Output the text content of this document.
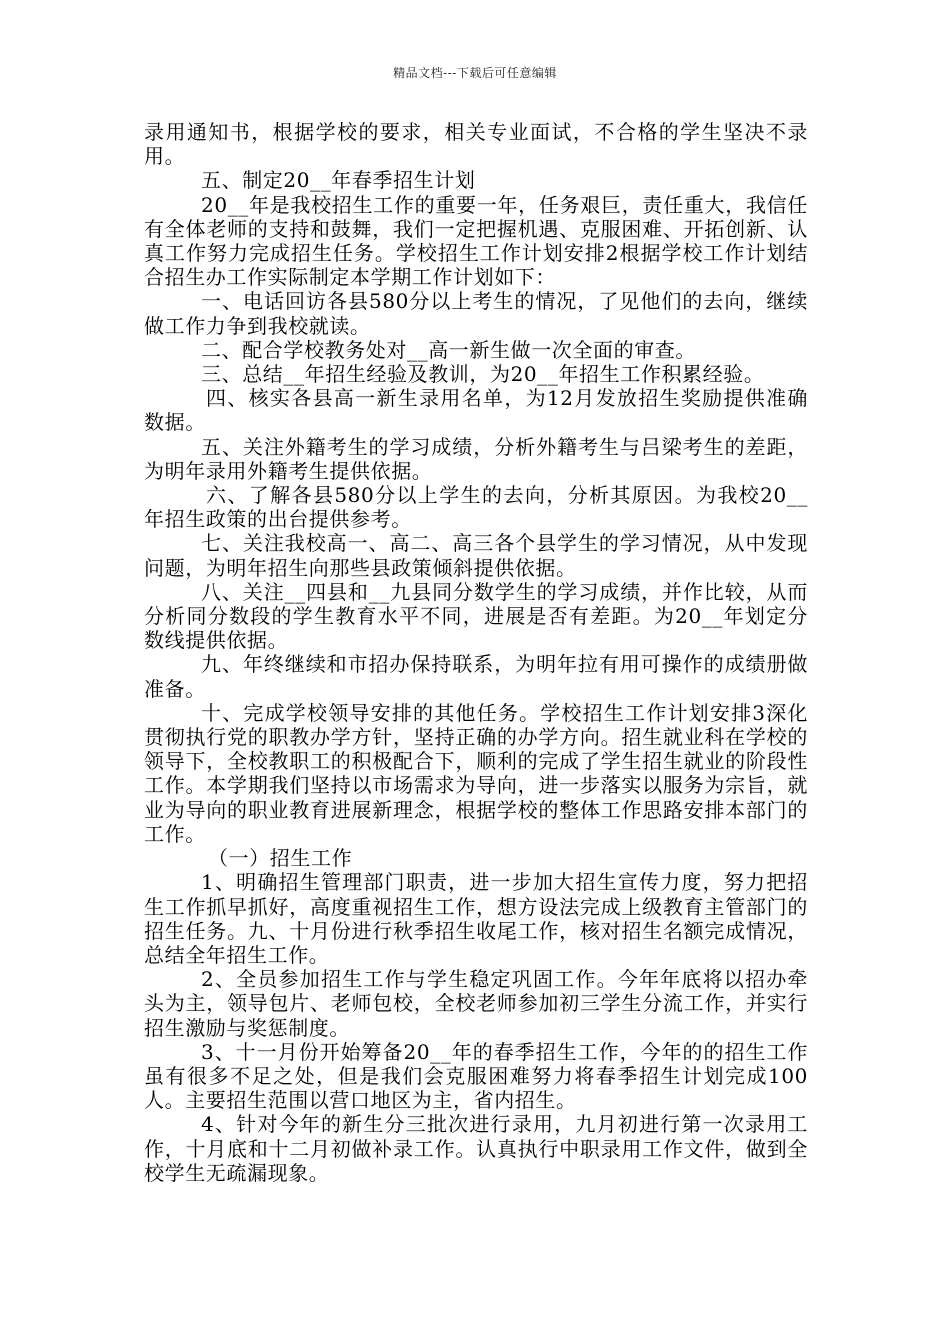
精品文档---下载后可任意编辑

录用通知书，根据学校的要求，相关专业面试，不合格的学生坚决不录用。

五、制定20__年春季招生计划

20__年是我校招生工作的重要一年，任务艰巨，责任重大，我信任有全体老师的支持和鼓舞，我们一定把握机遇、克服困难、开拓创新、认真工作努力完成招生任务。学校招生工作计划安排2根据学校工作计划结合招生办工作实际制定本学期工作计划如下：

一、电话回访各县580分以上考生的情况，了见他们的去向，继续做工作力争到我校就读。

二、配合学校教务处对__高一新生做一次全面的审查。

三、总结__年招生经验及教训，为20__年招生工作积累经验。

四、核实各县高一新生录用名单，为12月发放招生奖励提供准确数据。

五、关注外籍考生的学习成绩，分析外籍考生与吕梁考生的差距，为明年录用外籍考生提供依据。

六、了解各县580分以上学生的去向，分析其原因。为我校20__年招生政策的出台提供参考。

七、关注我校高一、高二、高三各个县学生的学习情况，从中发现问题，为明年招生向那些县政策倾斜提供依据。

八、关注__四县和__九县同分数学生的学习成绩，并作比较，从而分析同分数段的学生教育水平不同，进展是否有差距。为20__年划定分数线提供依据。

九、年终继续和市招办保持联系，为明年拉有用可操作的成绩册做准备。

十、完成学校领导安排的其他任务。学校招生工作计划安排3深化贯彻执行党的职教办学方针，坚持正确的办学方向。招生就业科在学校的领导下，全校教职工的积极配合下，顺利的完成了学生招生就业的阶段性工作。本学期我们坚持以市场需求为导向，进一步落实以服务为宗旨，就业为导向的职业教育进展新理念，根据学校的整体工作思路安排本部门的工作。

（一）招生工作

1、明确招生管理部门职责，进一步加大招生宣传力度，努力把招生工作抓早抓好，高度重视招生工作，想方设法完成上级教育主管部门的招生任务。九、十月份进行秋季招生收尾工作，核对招生名额完成情况，总结全年招生工作。

2、全员参加招生工作与学生稳定巩固工作。今年年底将以招办牵头为主，领导包片、老师包校，全校老师参加初三学生分流工作，并实行招生激励与奖惩制度。

3、十一月份开始筹备20__年的春季招生工作，今年的的招生工作虽有很多不足之处，但是我们会克服困难努力将春季招生计划完成100人。主要招生范围以营口地区为主，省内招生。

4、针对今年的新生分三批次进行录用，九月初进行第一次录用工作，十月底和十二月初做补录工作。认真执行中职录用工作文件，做到全校学生无疏漏现象。
